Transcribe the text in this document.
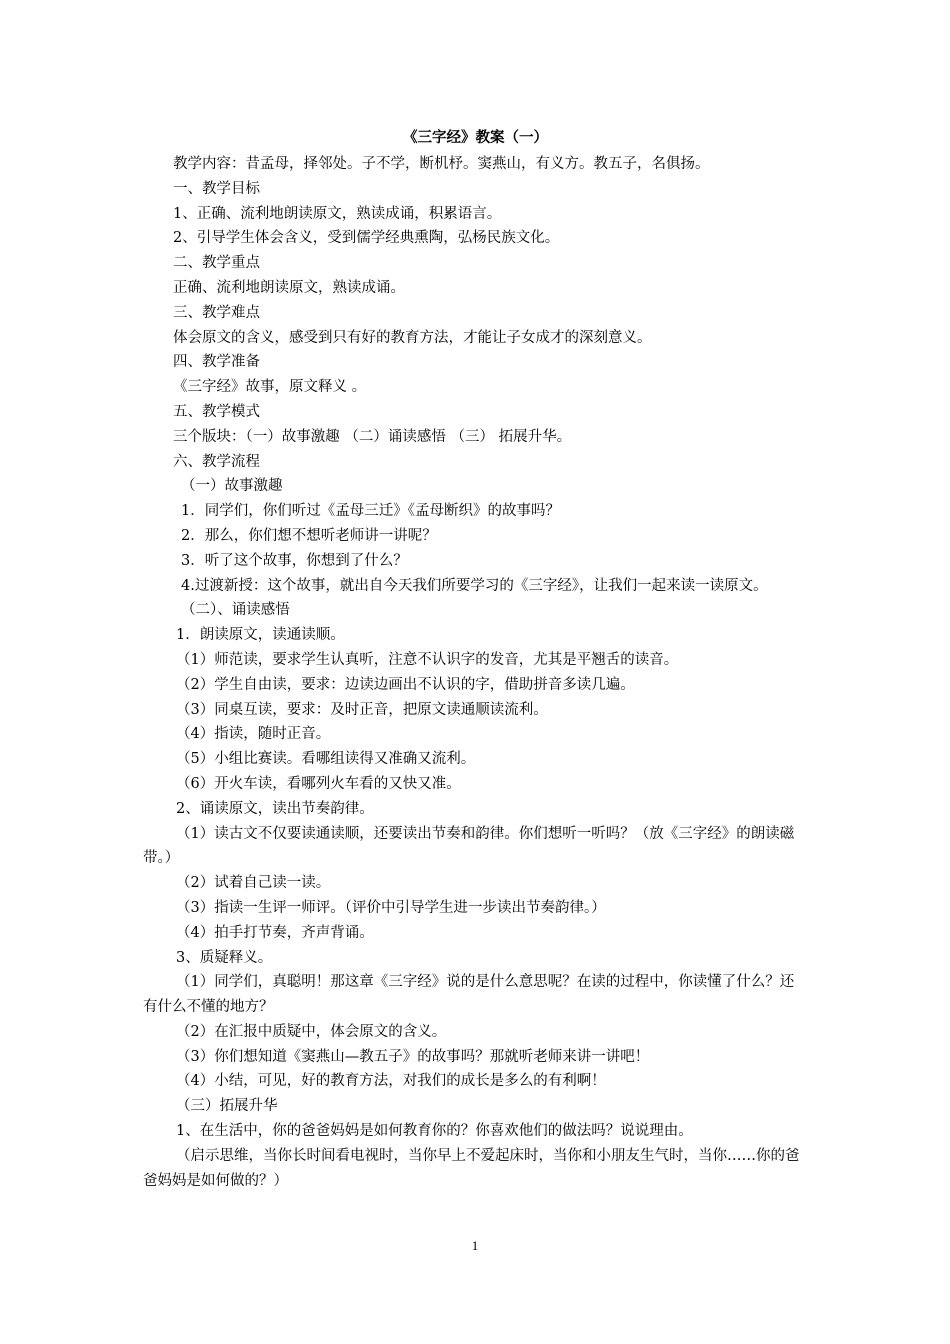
《三字经》教案（一）
教学内容：昔孟母，择邻处。子不学，断机杼。窦燕山，有义方。教五子，名俱扬。
一、教学目标
1、正确、流利地朗读原文，熟读成诵，积累语言。
2、引导学生体会含义，受到儒学经典熏陶，弘杨民族文化。
二、教学重点
正确、流利地朗读原文，熟读成诵。
三、教学难点
体会原文的含义，感受到只有好的教育方法，才能让子女成才的深刻意义。
四、教学准备
《三字经》故事，原文释义 。
五、教学模式
三个版块：（一）故事激趣 （二）诵读感悟 （三） 拓展升华。
六、教学流程
（一）故事激趣
1．同学们，你们听过《孟母三迁》《孟母断织》的故事吗？
2．那么，你们想不想听老师讲一讲呢？
3．听了这个故事，你想到了什么？
4.过渡新授：这个故事，就出自今天我们所要学习的《三字经》，让我们一起来读一读原文。
（二）、诵读感悟
1．朗读原文，读通读顺。
（1）师范读，要求学生认真听，注意不认识字的发音，尤其是平翘舌的读音。
（2）学生自由读，要求：边读边画出不认识的字，借助拼音多读几遍。
（3）同桌互读，要求：及时正音，把原文读通顺读流利。
（4）指读，随时正音。
（5）小组比赛读。看哪组读得又准确又流利。
（6）开火车读，看哪列火车看的又快又准。
2、诵读原文，读出节奏韵律。
（1）读古文不仅要读通读顺，还要读出节奏和韵律。你们想听一听吗？（放《三字经》的朗读磁带。）
（2）试着自己读一读。
（3）指读一生评一师评。（评价中引导学生进一步读出节奏韵律。）
（4）拍手打节奏，齐声背诵。
3、质疑释义。
（1）同学们，真聪明！那这章《三字经》说的是什么意思呢？在读的过程中，你读懂了什么？还有什么不懂的地方？
（2）在汇报中质疑中，体会原文的含义。
（3）你们想知道《窦燕山—教五子》的故事吗？那就听老师来讲一讲吧！
（4）小结，可见，好的教育方法，对我们的成长是多么的有利啊！
（三）拓展升华
1、在生活中，你的爸爸妈妈是如何教育你的？你喜欢他们的做法吗？说说理由。
（启示思维，当你长时间看电视时，当你早上不爱起床时，当你和小朋友生气时，当你……你的爸爸妈妈是如何做的？）
1
